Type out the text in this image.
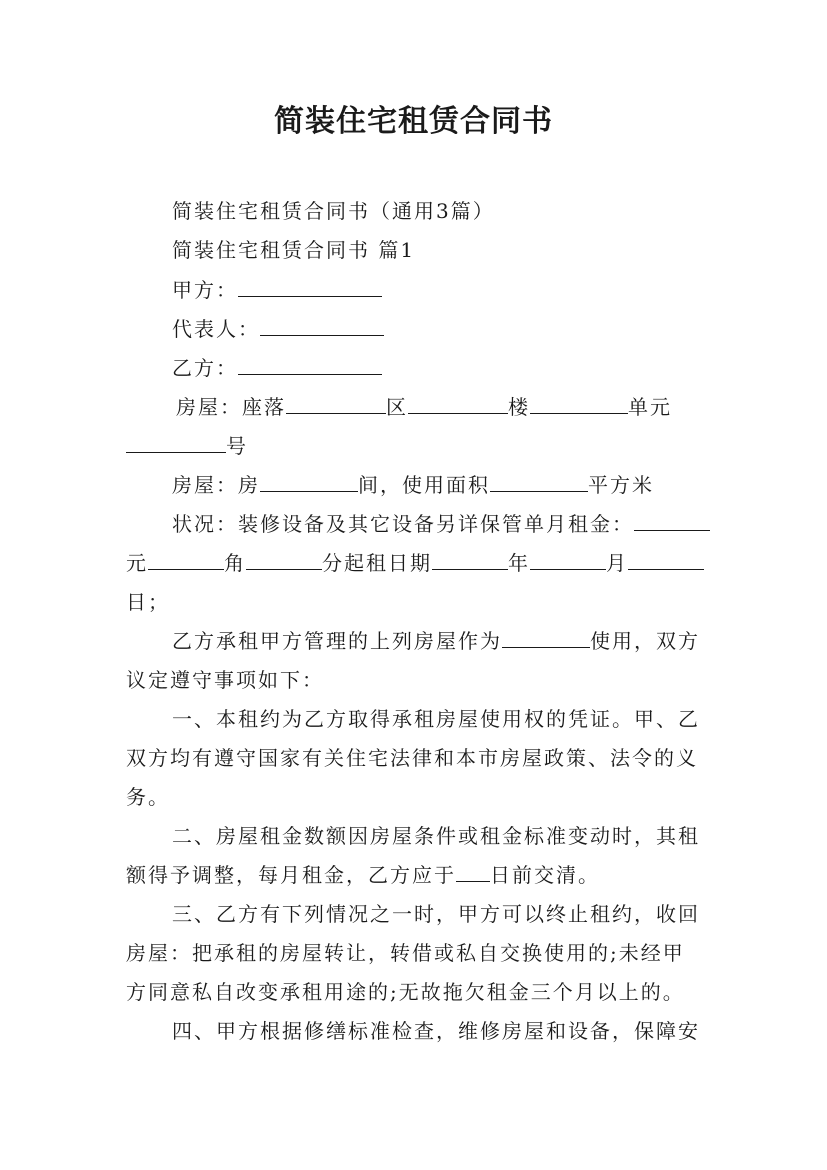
简装住宅租赁合同书
简装住宅租赁合同书（通用3篇）
简装住宅租赁合同书 篇1
甲方：
代表人：
乙方：
房屋：座落	区	楼	单元
号
房屋：房	间，使用面积	平方米
状况：装修设备及其它设备另详保管单月租金：
元	角	分起租日期	年	月
日；
乙方承租甲方管理的上列房屋作为	使用，双方
议定遵守事项如下：
一、本租约为乙方取得承租房屋使用权的凭证。甲、乙
双方均有遵守国家有关住宅法律和本市房屋政策、法令的义
务。
二、房屋租金数额因房屋条件或租金标准变动时，其租
额得予调整，每月租金，乙方应于 日前交清。
三、乙方有下列情况之一时，甲方可以终止租约，收回
房屋：把承租的房屋转让，转借或私自交换使用的;未经甲
方同意私自改变承租用途的;无故拖欠租金三个月以上的。
四、甲方根据修缮标准检查，维修房屋和设备，保障安
